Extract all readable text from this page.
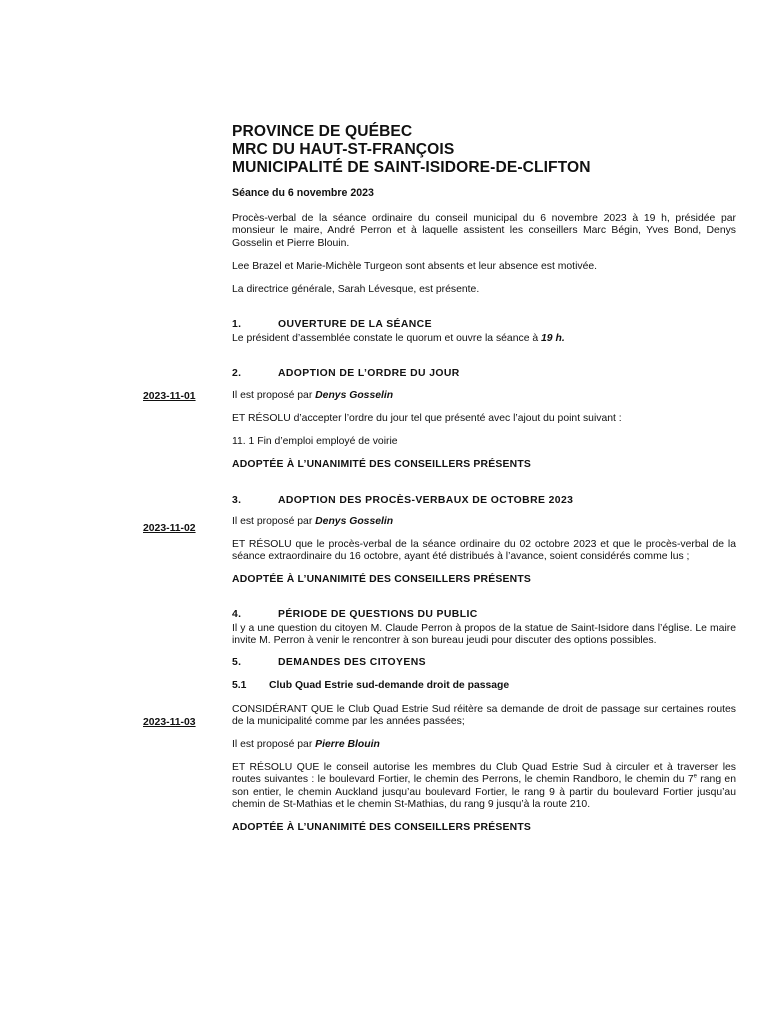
2023-11-01
2023-11-02
2023-11-03
PROVINCE DE QUÉBEC
MRC DU HAUT-ST-FRANÇOIS
MUNICIPALITÉ DE SAINT-ISIDORE-DE-CLIFTON
Séance du 6 novembre 2023

Procès-verbal de la séance ordinaire du conseil municipal du 6 novembre 2023 à 19 h, présidée par monsieur le maire, André Perron et à laquelle assistent les conseillers Marc Bégin, Yves Bond, Denys Gosselin et Pierre Blouin.

Lee Brazel et Marie-Michèle Turgeon sont absents et leur absence est motivée.

La directrice générale, Sarah Lévesque, est présente.

1.	OUVERTURE DE LA SÉANCE

Le président d’assemblée constate le quorum et ouvre la séance à 19 h.

2.	ADOPTION DE L’ORDRE DU JOUR

Il est proposé par Denys Gosselin

ET RÉSOLU d’accepter l’ordre du jour tel que présenté avec l’ajout du point suivant :

11. 1 Fin d’emploi employé de voirie

ADOPTÉE À L’UNANIMITÉ DES CONSEILLERS PRÉSENTS

3.	ADOPTION DES PROCÈS-VERBAUX DE OCTOBRE 2023

Il est proposé par Denys Gosselin

ET RÉSOLU que le procès-verbal de la séance ordinaire du 02 octobre 2023 et que le procès-verbal de la séance extraordinaire du 16 octobre, ayant été distribués à l’avance, soient considérés comme lus ;

ADOPTÉE À L’UNANIMITÉ DES CONSEILLERS PRÉSENTS

4.	PÉRIODE DE QUESTIONS DU PUBLIC

Il y a une question du citoyen M. Claude Perron à propos de la statue de Saint-Isidore dans l’église. Le maire invite M. Perron à venir le rencontrer à son bureau jeudi pour discuter des options possibles.

5.	DEMANDES DES CITOYENS
5.1	Club Quad Estrie sud-demande droit de passage

CONSIDÉRANT QUE le Club Quad Estrie Sud réitère sa demande de droit de passage sur certaines routes de la municipalité comme par les années passées;

Il est proposé par Pierre Blouin

ET RÉSOLU QUE le conseil autorise les membres du Club Quad Estrie Sud à circuler et à traverser les routes suivantes : le boulevard Fortier, le chemin des Perrons, le chemin Randboro, le chemin du 7e rang en son entier, le chemin Auckland jusqu’au boulevard Fortier, le rang 9 à partir du boulevard Fortier jusqu’au chemin de St-Mathias et le chemin St-Mathias, du rang 9 jusqu’à la route 210.

ADOPTÉE À L’UNANIMITÉ DES CONSEILLERS PRÉSENTS
